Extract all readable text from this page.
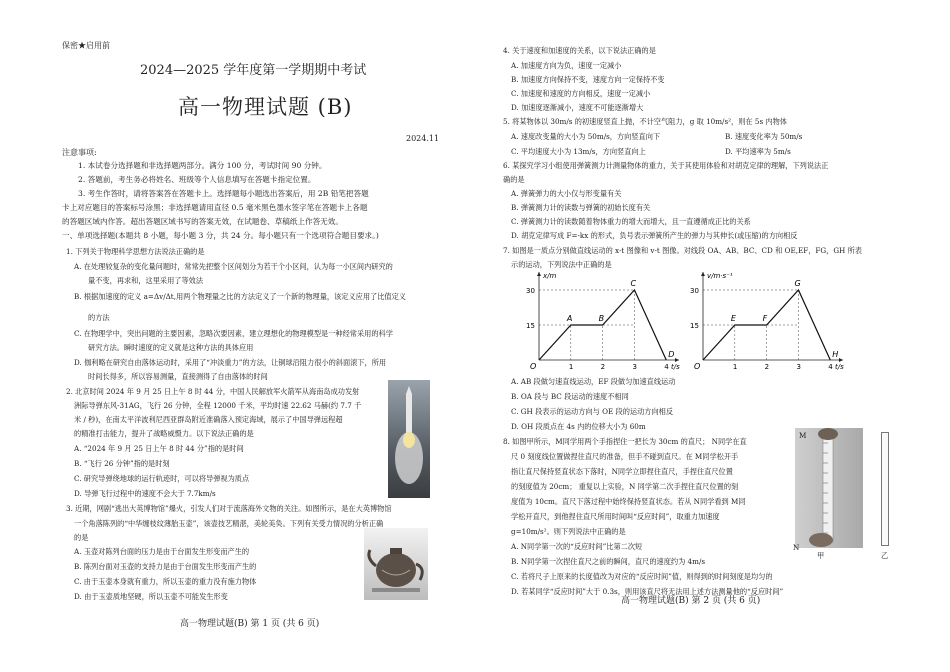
保密★启用前
2024—2025 学年度第一学期期中考试
高一物理试题 (B)
2024.11
注意事项:
1. 本试卷分选择题和非选择题两部分。满分 100 分，考试时间 90 分钟。
2. 答题前，考生务必将姓名、班级等个人信息填写在答题卡指定位置。
3. 考生作答时，请将答案答在答题卡上。选择题每小题选出答案后，用 2B 铅笔把答题
卡上对应题目的答案标号涂黑；非选择题请用直径 0.5 毫米黑色墨水签字笔在答题卡上各题
的答题区域内作答。超出答题区域书写的答案无效，在试题卷、草稿纸上作答无效。
一、单项选择题(本题共 8 小题，每小题 3 分，共 24 分。每小题只有一个选项符合题目要求。)
1. 下列关于物理科学思想方法说法正确的是
A. 在处理较复杂的变化量问题时，常常先把整个区间划分为若干个小区间，认为每一小区间内研究的
量不变，再求和，这里采用了等效法
B. 根据加速度的定义 a=Δv/Δt,用两个物理量之比的方法定义了一个新的物理量，该定义应用了比值定义
的方法
C. 在物理学中，突出问题的主要因素，忽略次要因素，建立理想化的物理模型是一种经常采用的科学
研究方法。瞬时速度的定义就是这种方法的具体应用
D. 伽利略在研究自由落体运动时，采用了“冲淡重力”的方法，让铜球沿阻力很小的斜面滚下，所用
时间长得多，所以容易测量，直接测得了自由落体的时间
2. 北京时间 2024 年 9 月 25 日上午 8 时 44 分，中国人民解放军火箭军从海南岛成功发射
洲际导弹东风-31AG，飞行 26 分钟，全程 12000 千米，平均时速 22.62 马赫(约 7.7 千
米 / 秒)，在南太平洋波利尼西亚群岛附近准确落入预定海域，展示了中国导弹远程超
的精准打击能力，提升了战略威慑力。以下说法正确的是
A. “2024 年 9 月 25 日上午 8 时 44 分”指的是时间
B. “飞行 26 分钟”指的是时刻
C. 研究导弹绕地球的运行轨迹时，可以将导弹视为质点
D. 导弹飞行过程中的速度不会大于 7.7km/s
3. 近期，网剧“逃出大英博物馆”爆火，引发人们对于流落海外文物的关注。如图所示，是在大英博物馆
一个角落陈列的“中华缠枝纹薄胎玉壶”，该壶技艺精湛，美轮美奂。下列有关受力情况的分析正确
的是
A. 玉壶对陈列台面的压力是由于台面发生形变而产生的
B. 陈列台面对玉壶的支持力是由于台面发生形变而产生的
C. 由于玉壶本身就有重力，所以玉壶的重力没有施力物体
D. 由于玉壶质地坚硬，所以玉壶不可能发生形变
高一物理试题(B) 第 1 页 (共 6 页)
4. 关于速度和加速度的关系，以下说法正确的是
A. 加速度方向为负，速度一定减小
B. 加速度方向保持不变，速度方向一定保持不变
C. 加速度和速度的方向相反，速度一定减小
D. 加速度逐渐减小，速度不可能逐渐增大
5. 将某物体以 30m/s 的初速度竖直上抛，不计空气阻力，g 取 10m/s²，则在 5s 内物体
A. 速度改变量的大小为 50m/s，方向竖直向下	B. 速度变化率为 50m/s
C. 平均速度大小为 13m/s，方向竖直向上	D. 平均速率为 5m/s
6. 某探究学习小组使用弹簧测力计测量物体的重力，关于其使用体验和对胡克定律的理解，下列说法正
确的是
A. 弹簧弹力的大小仅与形变量有关
B. 弹簧测力计的读数与弹簧的初始长度有关
C. 弹簧测力计的读数随着物体重力的增大而增大，且一直遵循成正比的关系
D. 胡克定律写成 F=-kx 的形式，负号表示弹簧所产生的弹力与其伸长(或压缩)的方向相反
7. 如图是一质点分别做直线运动的 x-t 图像和 v-t 图像。对线段 OA、AB、BC、CD 和 OE,EF，FG，GH 所表
示的运动，下列说法中正确的是
x/m
t/s
1	2	3	4
15
30
O
A	B
C
D
v/m·s⁻¹
t/s
1	2	3	4
15
30
O
E	F
G
H
A. AB 段做匀速直线运动，EF 段做匀加速直线运动
B. OA 段与 BC 段运动的速度不相同
C. GH 段表示的运动方向与 OE 段的运动方向相反
D. OH 段质点在 4s 内的位移大小为 60m
8. 如图甲所示，M同学用两个手指捏住一把长为 30cm 的直尺； N同学在直
尺 0 刻度线位置做捏住直尺的准备，但手不碰到直尺。在 M同学松开手
指让直尺保持竖直状态下落时，N同学立即捏住直尺，手捏住直尺位置
的刻度值为 20cm； 重复以上实验，N 同学第二次手捏住直尺位置的刻
度值为 10cm。直尺下落过程中始终保持竖直状态。若从 N同学看到 M同
学松开直尺，到他捏住直尺所用时间叫“反应时间”，取重力加速度
g=10m/s²。则下列说法中正确的是
A. N同学第一次的“反应时间”比第二次短
B. N同学第一次捏住直尺之前的瞬间，直尺的速度约为 4m/s
C. 若将尺子上原来的长度值改为对应的“反应时间”值，则得到的时间刻度是均匀的
D. 若某同学“反应时间”大于 0.3s，则用该直尺将无法用上述方法测量他的“反应时间”
M
N
甲	乙
高一物理试题(B) 第 2 页 (共 6 页)
